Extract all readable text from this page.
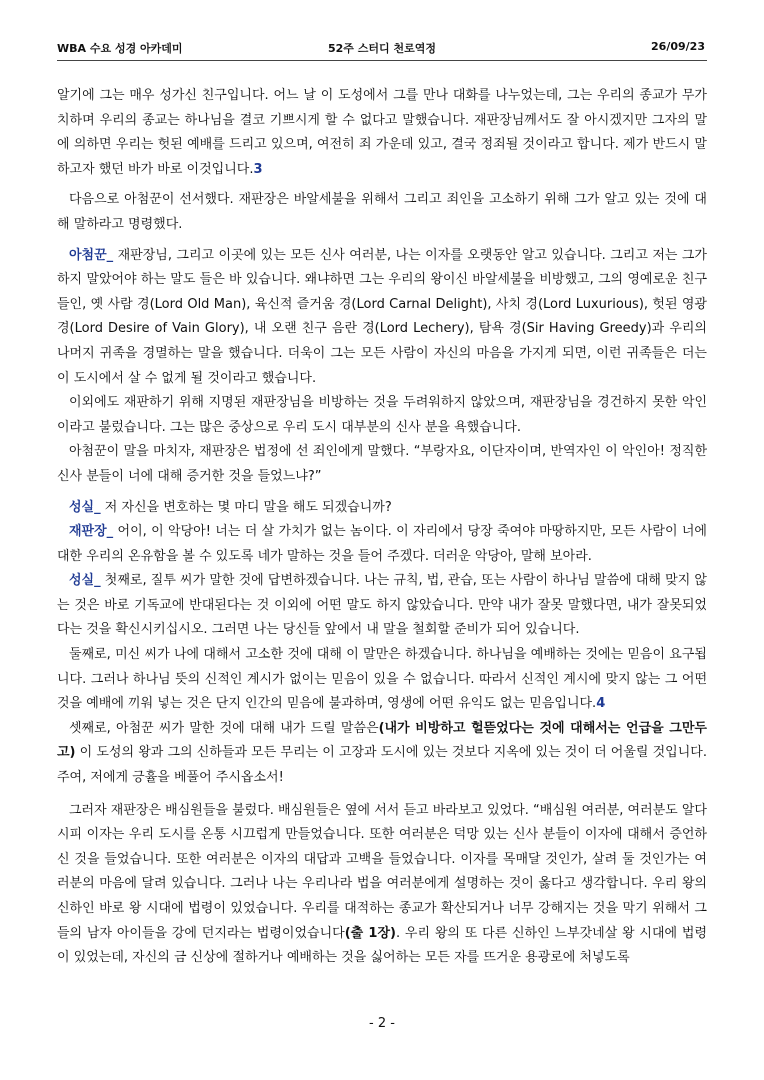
WBA 수요 성경 아카데미	52주 스터디 천로역정	26/09/23

알기에 그는 매우 성가신 친구입니다. 어느 날 이 도성에서 그를 만나 대화를 나누었는데, 그는 우리의 종교가 무가치하며 우리의 종교는 하나님을 결코 기쁘시게 할 수 없다고 말했습니다. 재판장님께서도 잘 아시겠지만 그자의 말에 의하면 우리는 헛된 예배를 드리고 있으며, 여전히 죄 가운데 있고, 결국 정죄될 것이라고 합니다. 제가 반드시 말하고자 했던 바가 바로 이것입니다.3

다음으로 아첨꾼이 선서했다. 재판장은 바알세불을 위해서 그리고 죄인을 고소하기 위해 그가 알고 있는 것에 대해 말하라고 명령했다.

아첨꾼_ 재판장님, 그리고 이곳에 있는 모든 신사 여러분, 나는 이자를 오랫동안 알고 있습니다. 그리고 저는 그가 하지 말았어야 하는 말도 들은 바 있습니다. 왜냐하면 그는 우리의 왕이신 바알세불을 비방했고, 그의 영예로운 친구들인, 옛 사람 경(Lord Old Man), 육신적 즐거움 경(Lord Carnal Delight), 사치 경(Lord Luxurious), 헛된 영광 경(Lord Desire of Vain Glory), 내 오랜 친구 음란 경(Lord Lechery), 탐욕 경(Sir Having Greedy)과 우리의 나머지 귀족을 경멸하는 말을 했습니다. 더욱이 그는 모든 사람이 자신의 마음을 가지게 되면, 이런 귀족들은 더는 이 도시에서 살 수 없게 될 것이라고 했습니다.

이외에도 재판하기 위해 지명된 재판장님을 비방하는 것을 두려워하지 않았으며, 재판장님을 경건하지 못한 악인이라고 불렀습니다. 그는 많은 중상으로 우리 도시 대부분의 신사 분을 욕했습니다.

아첨꾼이 말을 마치자, 재판장은 법정에 선 죄인에게 말했다. “부랑자요, 이단자이며, 반역자인 이 악인아! 정직한 신사 분들이 너에 대해 증거한 것을 들었느냐?”

성실_ 저 자신을 변호하는 몇 마디 말을 해도 되겠습니까?

재판장_ 어이, 이 악당아! 너는 더 살 가치가 없는 놈이다. 이 자리에서 당장 죽여야 마땅하지만, 모든 사람이 너에 대한 우리의 온유함을 볼 수 있도록 네가 말하는 것을 들어 주겠다. 더러운 악당아, 말해 보아라.

성실_ 첫째로, 질투 씨가 말한 것에 답변하겠습니다. 나는 규칙, 법, 관습, 또는 사람이 하나님 말씀에 대해 맞지 않는 것은 바로 기독교에 반대된다는 것 이외에 어떤 말도 하지 않았습니다. 만약 내가 잘못 말했다면, 내가 잘못되었다는 것을 확신시키십시오. 그러면 나는 당신들 앞에서 내 말을 철회할 준비가 되어 있습니다.

둘째로, 미신 씨가 나에 대해서 고소한 것에 대해 이 말만은 하겠습니다. 하나님을 예배하는 것에는 믿음이 요구됩니다. 그러나 하나님 뜻의 신적인 계시가 없이는 믿음이 있을 수 없습니다. 따라서 신적인 계시에 맞지 않는 그 어떤 것을 예배에 끼워 넣는 것은 단지 인간의 믿음에 불과하며, 영생에 어떤 유익도 없는 믿음입니다.4

셋째로, 아첨꾼 씨가 말한 것에 대해 내가 드릴 말씀은(내가 비방하고 헐뜯었다는 것에 대해서는 언급을 그만두고) 이 도성의 왕과 그의 신하들과 모든 무리는 이 고장과 도시에 있는 것보다 지옥에 있는 것이 더 어울릴 것입니다. 주여, 저에게 긍휼을 베풀어 주시옵소서!

그러자 재판장은 배심원들을 불렀다. 배심원들은 옆에 서서 듣고 바라보고 있었다. “배심원 여러분, 여러분도 알다시피 이자는 우리 도시를 온통 시끄럽게 만들었습니다. 또한 여러분은 덕망 있는 신사 분들이 이자에 대해서 증언하신 것을 들었습니다. 또한 여러분은 이자의 대답과 고백을 들었습니다. 이자를 목매달 것인가, 살려 둘 것인가는 여러분의 마음에 달려 있습니다. 그러나 나는 우리나라 법을 여러분에게 설명하는 것이 옳다고 생각합니다. 우리 왕의 신하인 바로 왕 시대에 법령이 있었습니다. 우리를 대적하는 종교가 확산되거나 너무 강해지는 것을 막기 위해서 그들의 남자 아이들을 강에 던지라는 법령이었습니다(출 1장). 우리 왕의 또 다른 신하인 느부갓네살 왕 시대에 법령이 있었는데, 자신의 금 신상에 절하거나 예배하는 것을 싫어하는 모든 자를 뜨거운 용광로에 처넣도록

- 2 -
